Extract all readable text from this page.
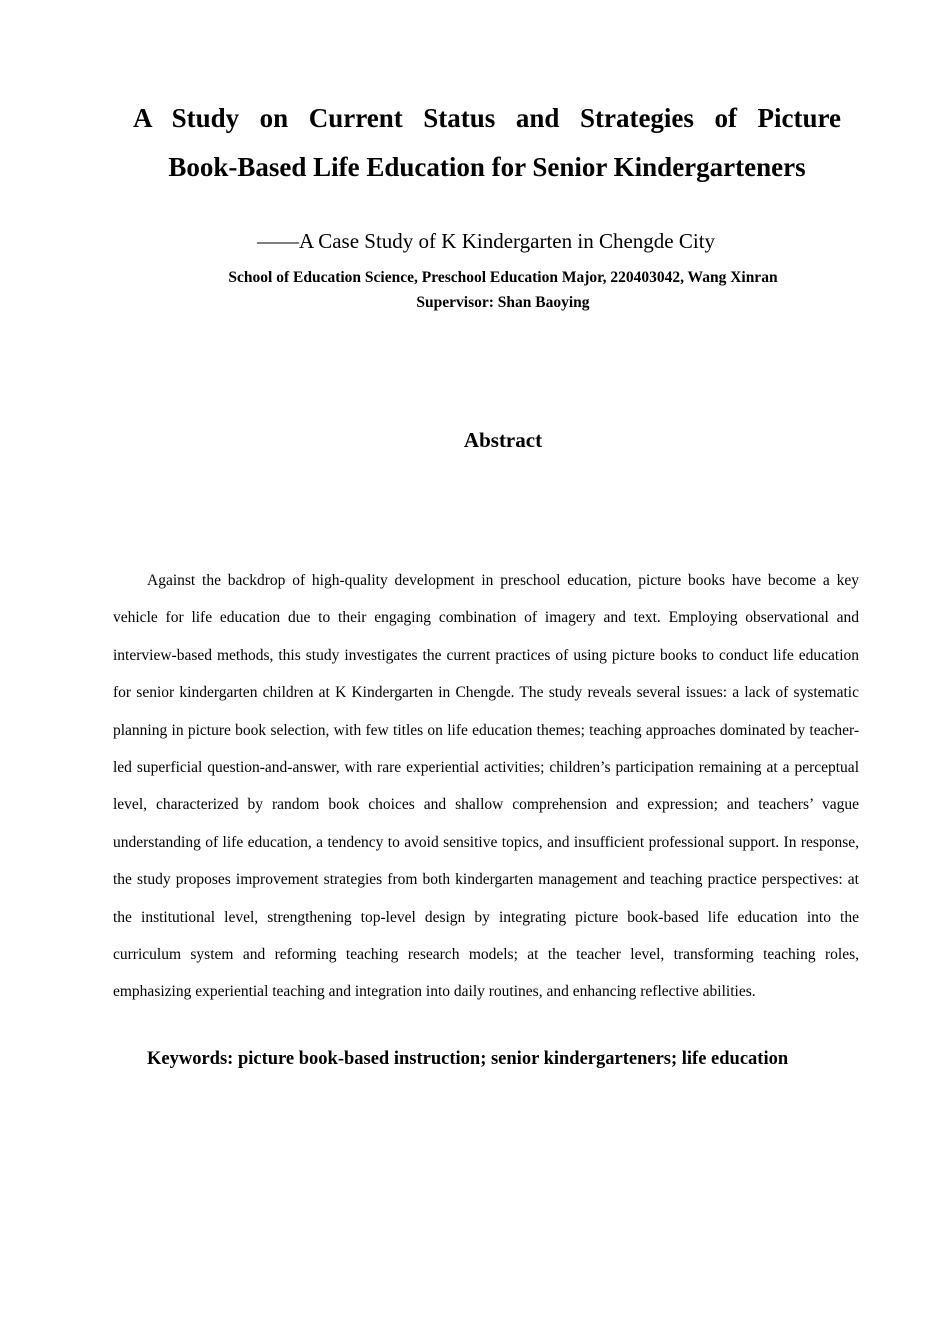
A Study on Current Status and Strategies of Picture
Book-Based Life Education for Senior Kindergarteners
——A Case Study of K Kindergarten in Chengde City
School of Education Science, Preschool Education Major, 220403042, Wang Xinran
Supervisor: Shan Baoying
Abstract

Against the backdrop of high-quality development in preschool education, picture books have become a key vehicle for life education due to their engaging combination of imagery and text. Employing observational and interview-based methods, this study investigates the current practices of using picture books to conduct life education for senior kindergarten children at K Kindergarten in Chengde. The study reveals several issues: a lack of systematic planning in picture book selection, with few titles on life education themes; teaching approaches dominated by teacher-led superficial question-and-answer, with rare experiential activities; children’s participation remaining at a perceptual level, characterized by random book choices and shallow comprehension and expression; and teachers’ vague understanding of life education, a tendency to avoid sensitive topics, and insufficient professional support. In response, the study proposes improvement strategies from both kindergarten management and teaching practice perspectives: at the institutional level, strengthening top-level design by integrating picture book-based life education into the curriculum system and reforming teaching research models; at the teacher level, transforming teaching roles, emphasizing experiential teaching and integration into daily routines, and enhancing reflective abilities.

Keywords: picture book-based instruction; senior kindergarteners; life education
